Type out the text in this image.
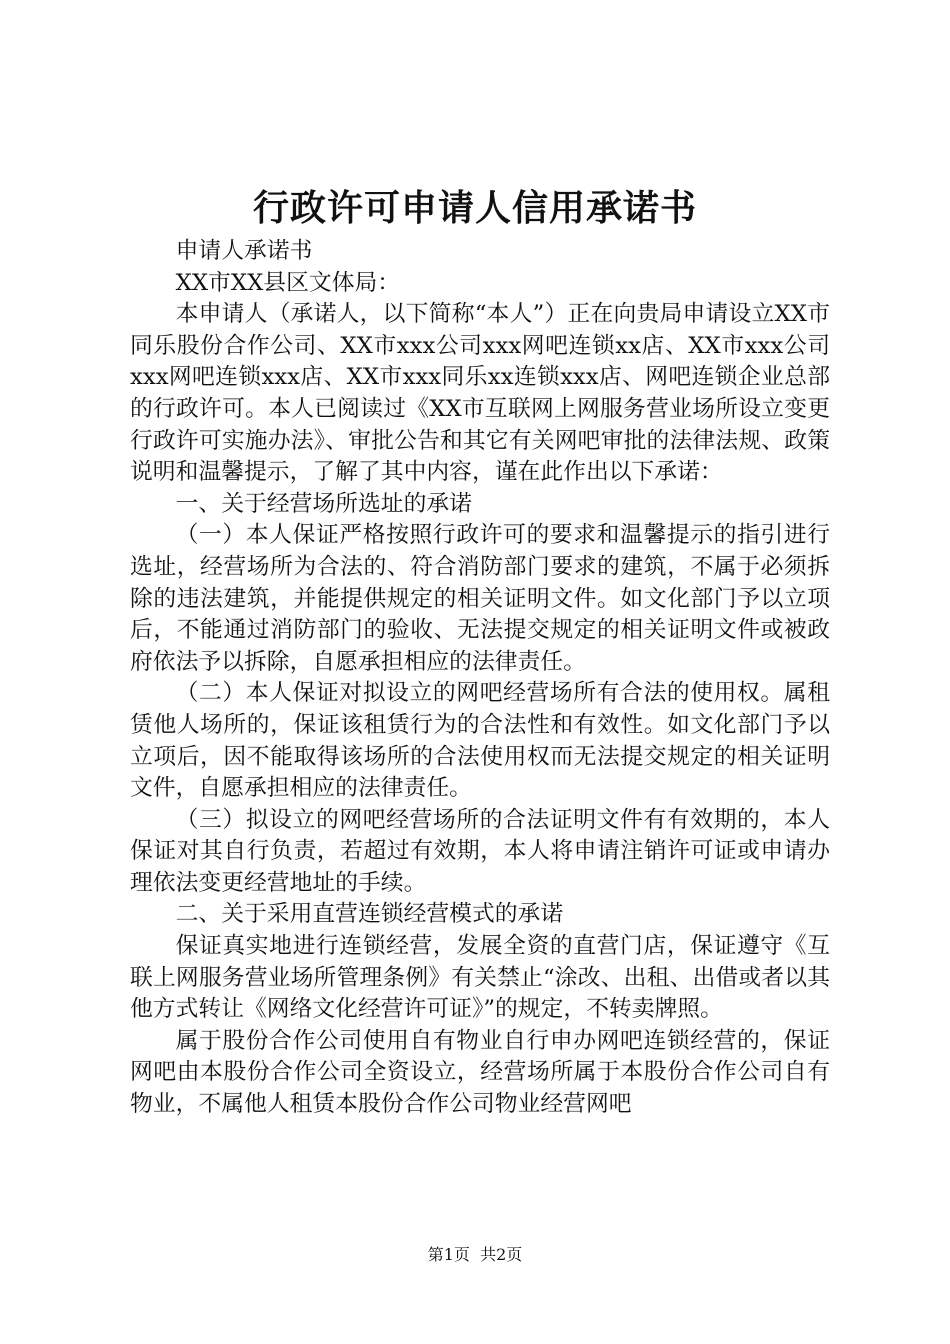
行政许可申请人信用承诺书

申请人承诺书

XX市XX县区文体局：

本申请人（承诺人，以下简称“本人”）正在向贵局申请设立XX市同乐股份合作公司、XX市xxx公司xxx网吧连锁xx店、XX市xxx公司xxx网吧连锁xxx店、XX市xxx同乐xx连锁xxx店、网吧连锁企业总部的行政许可。本人已阅读过《XX市互联网上网服务营业场所设立变更行政许可实施办法》、审批公告和其它有关网吧审批的法律法规、政策说明和温馨提示，了解了其中内容，谨在此作出以下承诺：

一、关于经营场所选址的承诺

（一）本人保证严格按照行政许可的要求和温馨提示的指引进行选址，经营场所为合法的、符合消防部门要求的建筑，不属于必须拆除的违法建筑，并能提供规定的相关证明文件。如文化部门予以立项后，不能通过消防部门的验收、无法提交规定的相关证明文件或被政府依法予以拆除，自愿承担相应的法律责任。

（二）本人保证对拟设立的网吧经营场所有合法的使用权。属租赁他人场所的，保证该租赁行为的合法性和有效性。如文化部门予以立项后，因不能取得该场所的合法使用权而无法提交规定的相关证明文件，自愿承担相应的法律责任。

（三）拟设立的网吧经营场所的合法证明文件有有效期的，本人保证对其自行负责，若超过有效期，本人将申请注销许可证或申请办理依法变更经营地址的手续。

二、关于采用直营连锁经营模式的承诺

保证真实地进行连锁经营，发展全资的直营门店，保证遵守《互联上网服务营业场所管理条例》有关禁止“涂改、出租、出借或者以其他方式转让《网络文化经营许可证》”的规定，不转卖牌照。

属于股份合作公司使用自有物业自行申办网吧连锁经营的，保证网吧由本股份合作公司全资设立，经营场所属于本股份合作公司自有物业，不属他人租赁本股份合作公司物业经营网吧

第1页 共2页
